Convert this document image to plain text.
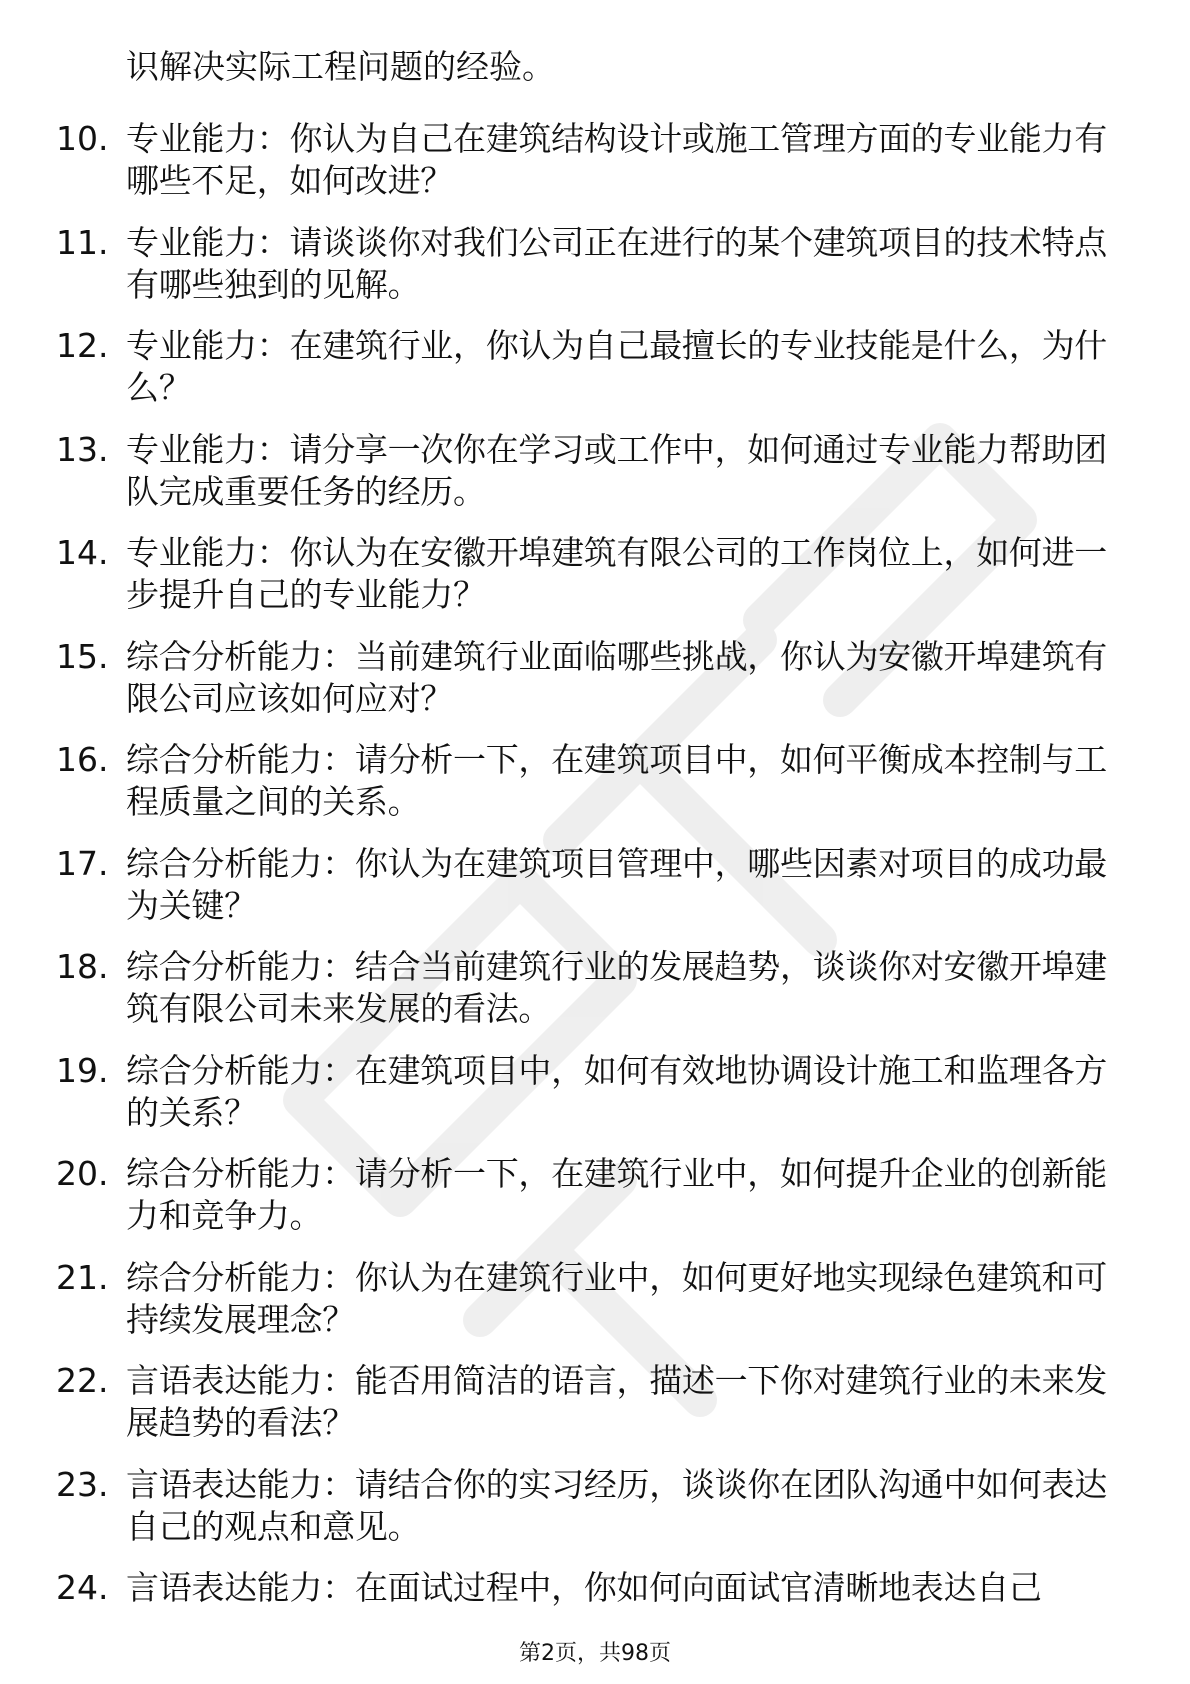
识解决实际工程问题的经验。
10. 专业能力：你认为自己在建筑结构设计或施工管理方面的专业能力有哪些不足，如何改进？
11. 专业能力：请谈谈你对我们公司正在进行的某个建筑项目的技术特点有哪些独到的见解。
12. 专业能力：在建筑行业，你认为自己最擅长的专业技能是什么，为什么？
13. 专业能力：请分享一次你在学习或工作中，如何通过专业能力帮助团队完成重要任务的经历。
14. 专业能力：你认为在安徽开埠建筑有限公司的工作岗位上，如何进一步提升自己的专业能力？
15. 综合分析能力：当前建筑行业面临哪些挑战，你认为安徽开埠建筑有限公司应该如何应对？
16. 综合分析能力：请分析一下，在建筑项目中，如何平衡成本控制与工程质量之间的关系。
17. 综合分析能力：你认为在建筑项目管理中，哪些因素对项目的成功最为关键？
18. 综合分析能力：结合当前建筑行业的发展趋势，谈谈你对安徽开埠建筑有限公司未来发展的看法。
19. 综合分析能力：在建筑项目中，如何有效地协调设计施工和监理各方的关系？
20. 综合分析能力：请分析一下，在建筑行业中，如何提升企业的创新能力和竞争力。
21. 综合分析能力：你认为在建筑行业中，如何更好地实现绿色建筑和可持续发展理念？
22. 言语表达能力：能否用简洁的语言，描述一下你对建筑行业的未来发展趋势的看法？
23. 言语表达能力：请结合你的实习经历，谈谈你在团队沟通中如何表达自己的观点和意见。
24. 言语表达能力：在面试过程中，你如何向面试官清晰地表达自己
第2页，共98页
